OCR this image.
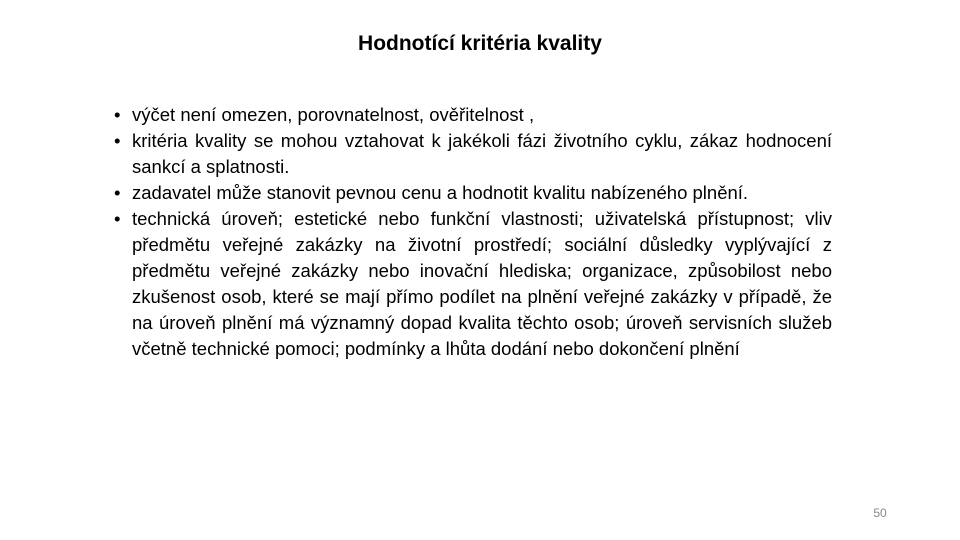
Hodnotící kritéria kvality
• výčet není omezen, porovnatelnost, ověřitelnost ,
• kritéria kvality se mohou vztahovat k jakékoli fázi životního cyklu, zákaz hodnocení sankcí a splatnosti.
• zadavatel může stanovit pevnou cenu a hodnotit kvalitu nabízeného plnění.
• technická úroveň; estetické nebo funkční vlastnosti; uživatelská přístupnost; vliv předmětu veřejné zakázky na životní prostředí; sociální důsledky vyplývající z předmětu veřejné zakázky nebo inovační hlediska; organizace, způsobilost nebo zkušenost osob, které se mají přímo podílet na plnění veřejné zakázky v případě, že na úroveň plnění má významný dopad kvalita těchto osob; úroveň servisních služeb včetně technické pomoci; podmínky a lhůta dodání nebo dokončení plnění
50
